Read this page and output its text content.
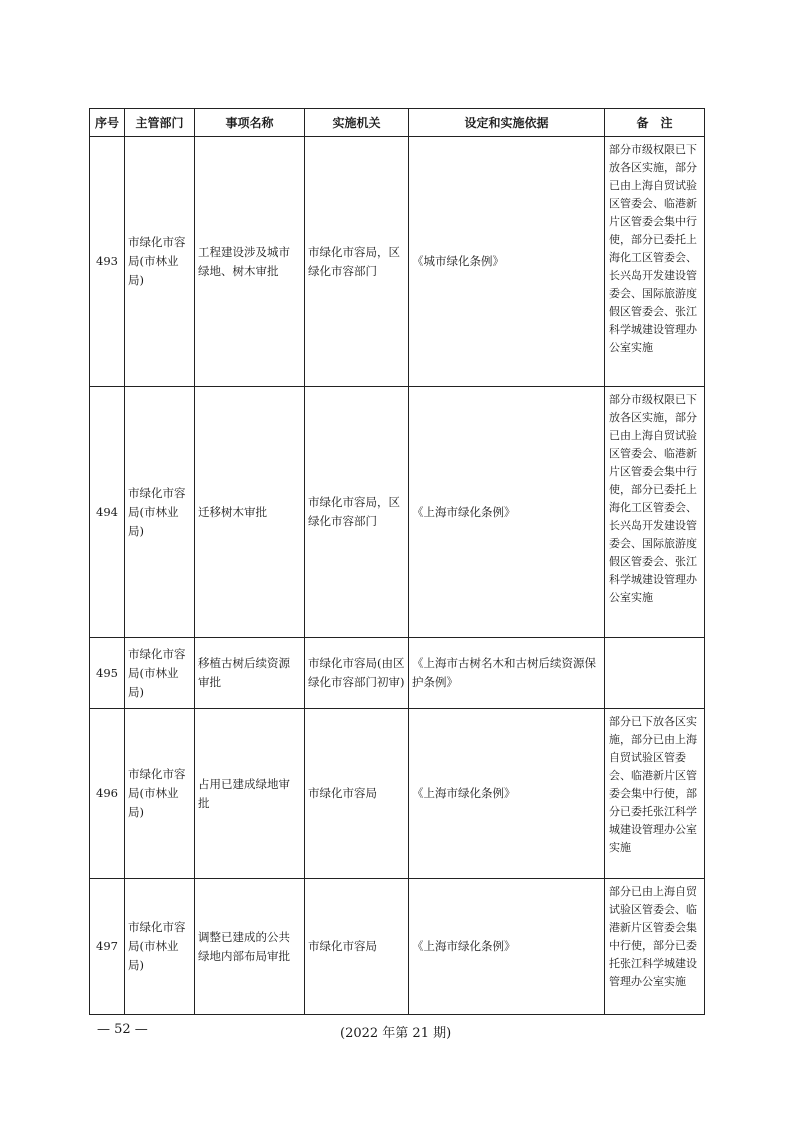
序号	主管部门	事项名称	实施机关	设定和实施依据	备　注
493	市绿化市容局(市林业局)	工程建设涉及城市绿地、树木审批	市绿化市容局，区绿化市容部门	《城市绿化条例》	部分市级权限已下放各区实施，部分已由上海自贸试验区管委会、临港新片区管委会集中行使，部分已委托上海化工区管委会、长兴岛开发建设管委会、国际旅游度假区管委会、张江科学城建设管理办公室实施
494	市绿化市容局(市林业局)	迁移树木审批	市绿化市容局，区绿化市容部门	《上海市绿化条例》	部分市级权限已下放各区实施，部分已由上海自贸试验区管委会、临港新片区管委会集中行使，部分已委托上海化工区管委会、长兴岛开发建设管委会、国际旅游度假区管委会、张江科学城建设管理办公室实施
495	市绿化市容局(市林业局)	移植古树后续资源审批	市绿化市容局(由区绿化市容部门初审)	《上海市古树名木和古树后续资源保护条例》	
496	市绿化市容局(市林业局)	占用已建成绿地审批	市绿化市容局	《上海市绿化条例》	部分已下放各区实施，部分已由上海自贸试验区管委会、临港新片区管委会集中行使，部分已委托张江科学城建设管理办公室实施
497	市绿化市容局(市林业局)	调整已建成的公共绿地内部布局审批	市绿化市容局	《上海市绿化条例》	部分已由上海自贸试验区管委会、临港新片区管委会集中行使，部分已委托张江科学城建设管理办公室实施
— 52 —	(2022 年第 21 期)
